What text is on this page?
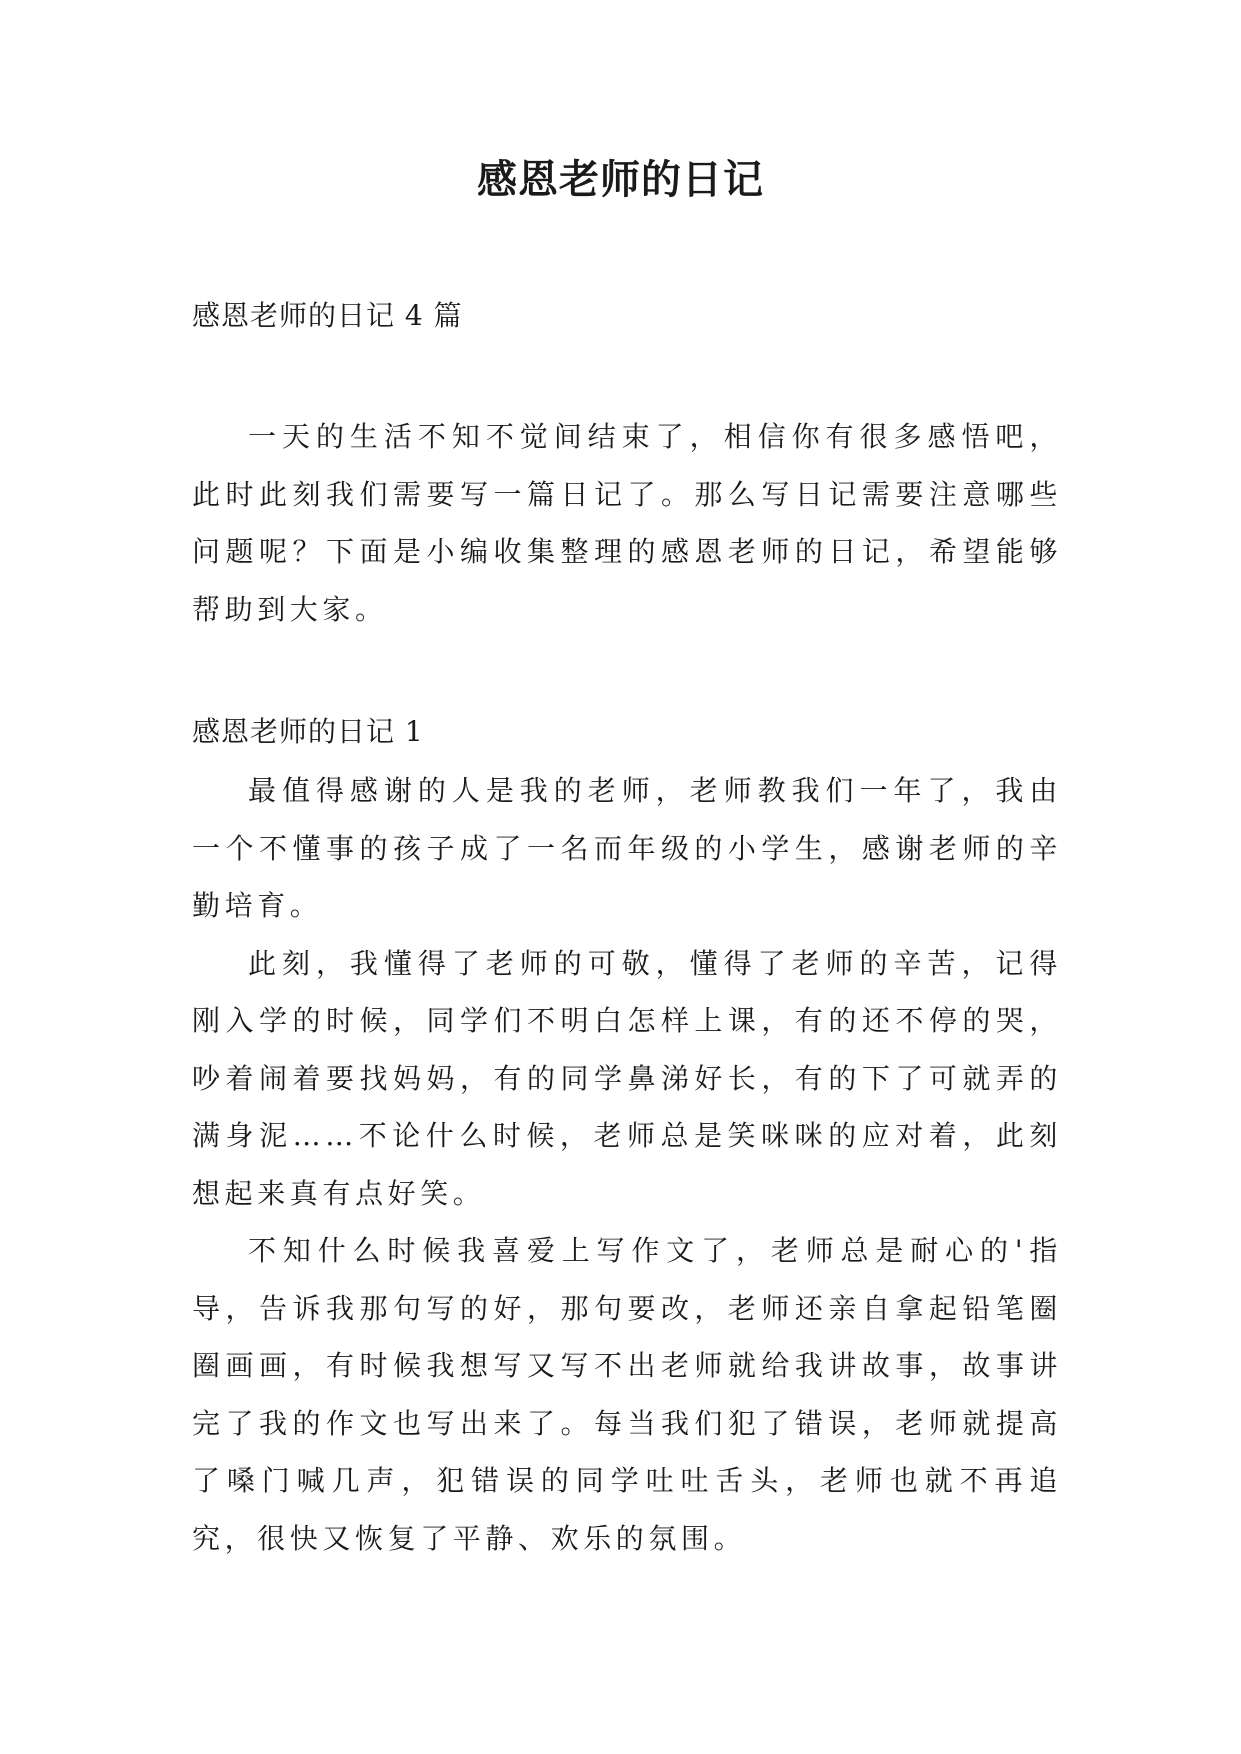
感恩老师的日记

感恩老师的日记 4 篇

一天的生活不知不觉间结束了，相信你有很多感悟吧，此时此刻我们需要写一篇日记了。那么写日记需要注意哪些问题呢？下面是小编收集整理的感恩老师的日记，希望能够帮助到大家。

感恩老师的日记 1

最值得感谢的人是我的老师，老师教我们一年了，我由一个不懂事的孩子成了一名而年级的小学生，感谢老师的辛勤培育。

此刻，我懂得了老师的可敬，懂得了老师的辛苦，记得刚入学的时候，同学们不明白怎样上课，有的还不停的哭，吵着闹着要找妈妈，有的同学鼻涕好长，有的下了可就弄的满身泥……不论什么时候，老师总是笑咪咪的应对着，此刻想起来真有点好笑。

不知什么时候我喜爱上写作文了，老师总是耐心的'指导，告诉我那句写的好，那句要改，老师还亲自拿起铅笔圈圈画画，有时候我想写又写不出老师就给我讲故事，故事讲完了我的作文也写出来了。每当我们犯了错误，老师就提高了嗓门喊几声，犯错误的同学吐吐舌头，老师也就不再追究，很快又恢复了平静、欢乐的氛围。
